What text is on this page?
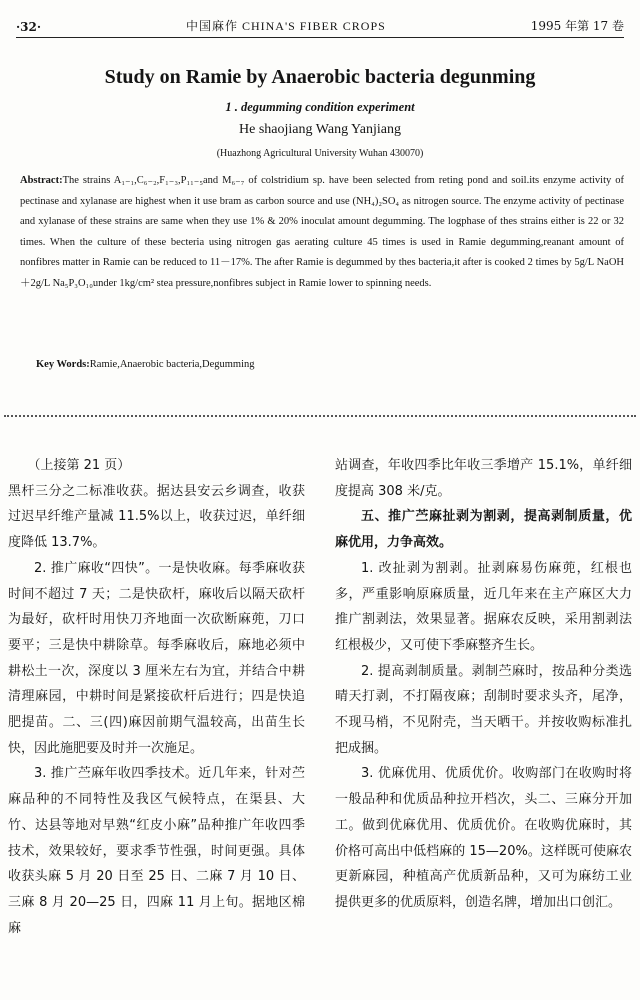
·32·	中国麻作 CHINA'S FIBER CROPS	1995 年第 17 卷
Study on Ramie by Anaerobic bacteria degunming
1 . degumming condition experiment
He shaojiang Wang Yanjiang
(Huazhong Agricultural University Wuhan 430070)

Abstract:The strains A₁₋₁,C₆₋₂,F₁₋₃,P₁₁₋₅and M₆₋₇ of colstridium sp. have been selected from reting pond and soil.its enzyme activity of pectinase and xylanase are highest when it use bram as carbon source and use (NH₄)₂SO₄ as nitrogen source. The enzyme activity of pectinase and xylanase of these strains are same when they use 1% & 20% inoculat amount degumming. The logphase of thes strains either is 22 or 32 times. When the culture of these becteria using nitrogen gas aerating culture 45 times is used in Ramie degumming,reanant amount of nonfibres matter in Ramie can be reduced to 11－17%. The after Ramie is degummed by thes bacteria,it after is cooked 2 times by 5g/L NaOH＋2g/L Na₅P₃O₁₀under 1kg/cm² stea pressure,nonfibres subject in Ramie lower to spinning needs.

Key Words:Ramie,Anaerobic bacteria,Degumming

（上接第 21 页）

黑杆三分之二标准收获。据达县安云乡调查，收获过迟早纤维产量减 11.5%以上，收获过迟，单纤细度降低 13.7%。

2. 推广麻收“四快”。一是快收麻。每季麻收获时间不超过 7 天；二是快砍杆，麻收后以隔天砍杆为最好，砍杆时用快刀齐地面一次砍断麻蔸，刀口要平；三是快中耕除草。每季麻收后，麻地必须中耕松土一次，深度以 3 厘米左右为宜，并结合中耕清理麻园，中耕时间是紧接砍杆后进行；四是快追肥提苗。二、三(四)麻因前期气温较高，出苗生长快，因此施肥要及时并一次施足。

3. 推广苎麻年收四季技术。近几年来，针对苎麻品种的不同特性及我区气候特点，在渠县、大竹、达县等地对早熟“红皮小麻”品种推广年收四季技术，效果较好，要求季节性强，时间更强。具体收获头麻 5 月 20 日至 25 日、二麻 7 月 10 日、三麻 8 月 20—25 日，四麻 11 月上旬。据地区棉麻

站调查，年收四季比年收三季增产 15.1%，单纤细度提高 308 米/克。

五、推广苎麻扯剥为割剥，提高剥制质量，优麻优用，力争高效。

1. 改扯剥为割剥。扯剥麻易伤麻蔸，红根也多，严重影响原麻质量，近几年来在主产麻区大力推广割剥法，效果显著。据麻农反映，采用割剥法红根极少，又可使下季麻整齐生长。

2. 提高剥制质量。剥制苎麻时，按品种分类选晴天打剥，不打隔夜麻；刮制时要求头齐，尾净，不现马梢，不见附壳，当天晒干。并按收购标准扎把成捆。

3. 优麻优用、优质优价。收购部门在收购时将一般品种和优质品种拉开档次，头二、三麻分开加工。做到优麻优用、优质优价。在收购优麻时，其价格可高出中低档麻的 15—20%。这样既可使麻农更新麻园，种植高产优质新品种，又可为麻纺工业提供更多的优质原料，创造名牌，增加出口创汇。
